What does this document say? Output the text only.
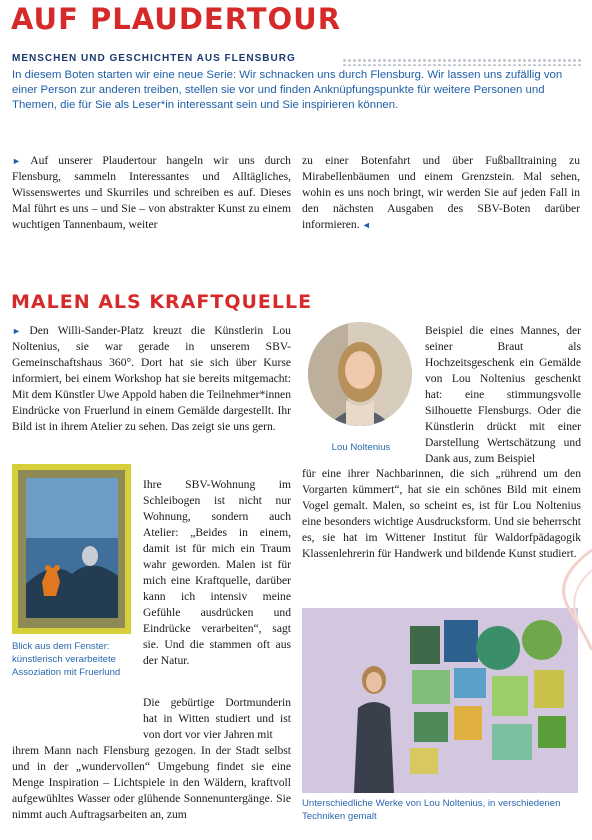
AUF PLAUDERTOUR
MENSCHEN UND GESCHICHTEN AUS FLENSBURG
In diesem Boten starten wir eine neue Serie: Wir schnacken uns durch Flensburg. Wir lassen uns zufällig von einer Person zur anderen treiben, stellen sie vor und finden Anknüpfungspunkte für weitere Personen und Themen, die für Sie als Leser*in interessant sein und Sie inspirieren können.
► Auf unserer Plaudertour hangeln wir uns durch Flensburg, sammeln Interessantes und Alltägliches, Wissenswertes und Skurriles und schreiben es auf. Dieses Mal führt es uns – und Sie – von abstrakter Kunst zu einem wuchtigen Tannenbaum, weiter
zu einer Botenfahrt und über Fußballtraining zu Mirabellenbäumen und einem Grenzstein. Mal sehen, wohin es uns noch bringt, wir werden Sie auf jeden Fall in den nächsten Ausgaben des SBV-Boten darüber informieren. ◄
MALEN ALS KRAFTQUELLE
► Den Willi-Sander-Platz kreuzt die Künstlerin Lou Noltenius, sie war gerade in unserem SBV-Gemeinschaftshaus 360°. Dort hat sie sich über Kurse informiert, bei einem Workshop hat sie bereits mitgemacht: Mit dem Künstler Uwe Appold haben die Teilnehmer*innen Eindrücke von Fruerlund in einem Gemälde dargestellt. Ihr Bild ist in ihrem Atelier zu sehen. Das zeigt sie uns gern.
Ihre SBV-Wohnung im Schleibogen ist nicht nur Wohnung, sondern auch Atelier: „Beides in einem, damit ist für mich ein Traum wahr geworden. Malen ist für mich eine Kraftquelle, darüber kann ich intensiv meine Gefühle ausdrücken und Eindrücke verarbeiten“, sagt sie. Und die stammen oft aus der Natur.
Die gebürtige Dortmunderin hat in Witten studiert und ist von dort vor vier Jahren mit
ihrem Mann nach Flensburg gezogen. In der Stadt selbst und in der „wundervollen“ Umgebung findet sie eine Menge Inspiration – Lichtspiele in den Wäldern, kraftvoll aufgewühltes Wasser oder glühende Sonnenuntergänge. Sie nimmt auch Auftragsarbeiten an, zum
Beispiel die eines Mannes, der seiner Braut als Hochzeitsgeschenk ein Gemälde von Lou Noltenius geschenkt hat: eine stimmungsvolle Silhouette Flensburgs. Oder die Künstlerin drückt mit einer Darstellung Wertschätzung und Dank aus, zum Beispiel
für eine ihrer Nachbarinnen, die sich „rührend um den Vorgarten kümmert“, hat sie ein schönes Bild mit einem Vogel gemalt. Malen, so scheint es, ist für Lou Noltenius eine besonders wichtige Ausdrucksform. Und sie beherrscht es, sie hat im Wittener Institut für Waldorfpädagogik Klassenlehrerin für Handwerk und bildende Kunst studiert.
Lou Noltenius
Blick aus dem Fenster: künstlerisch verarbeitete Assoziation mit Fruerlund
Unterschiedliche Werke von Lou Noltenius, in verschiedenen Techniken gemalt
